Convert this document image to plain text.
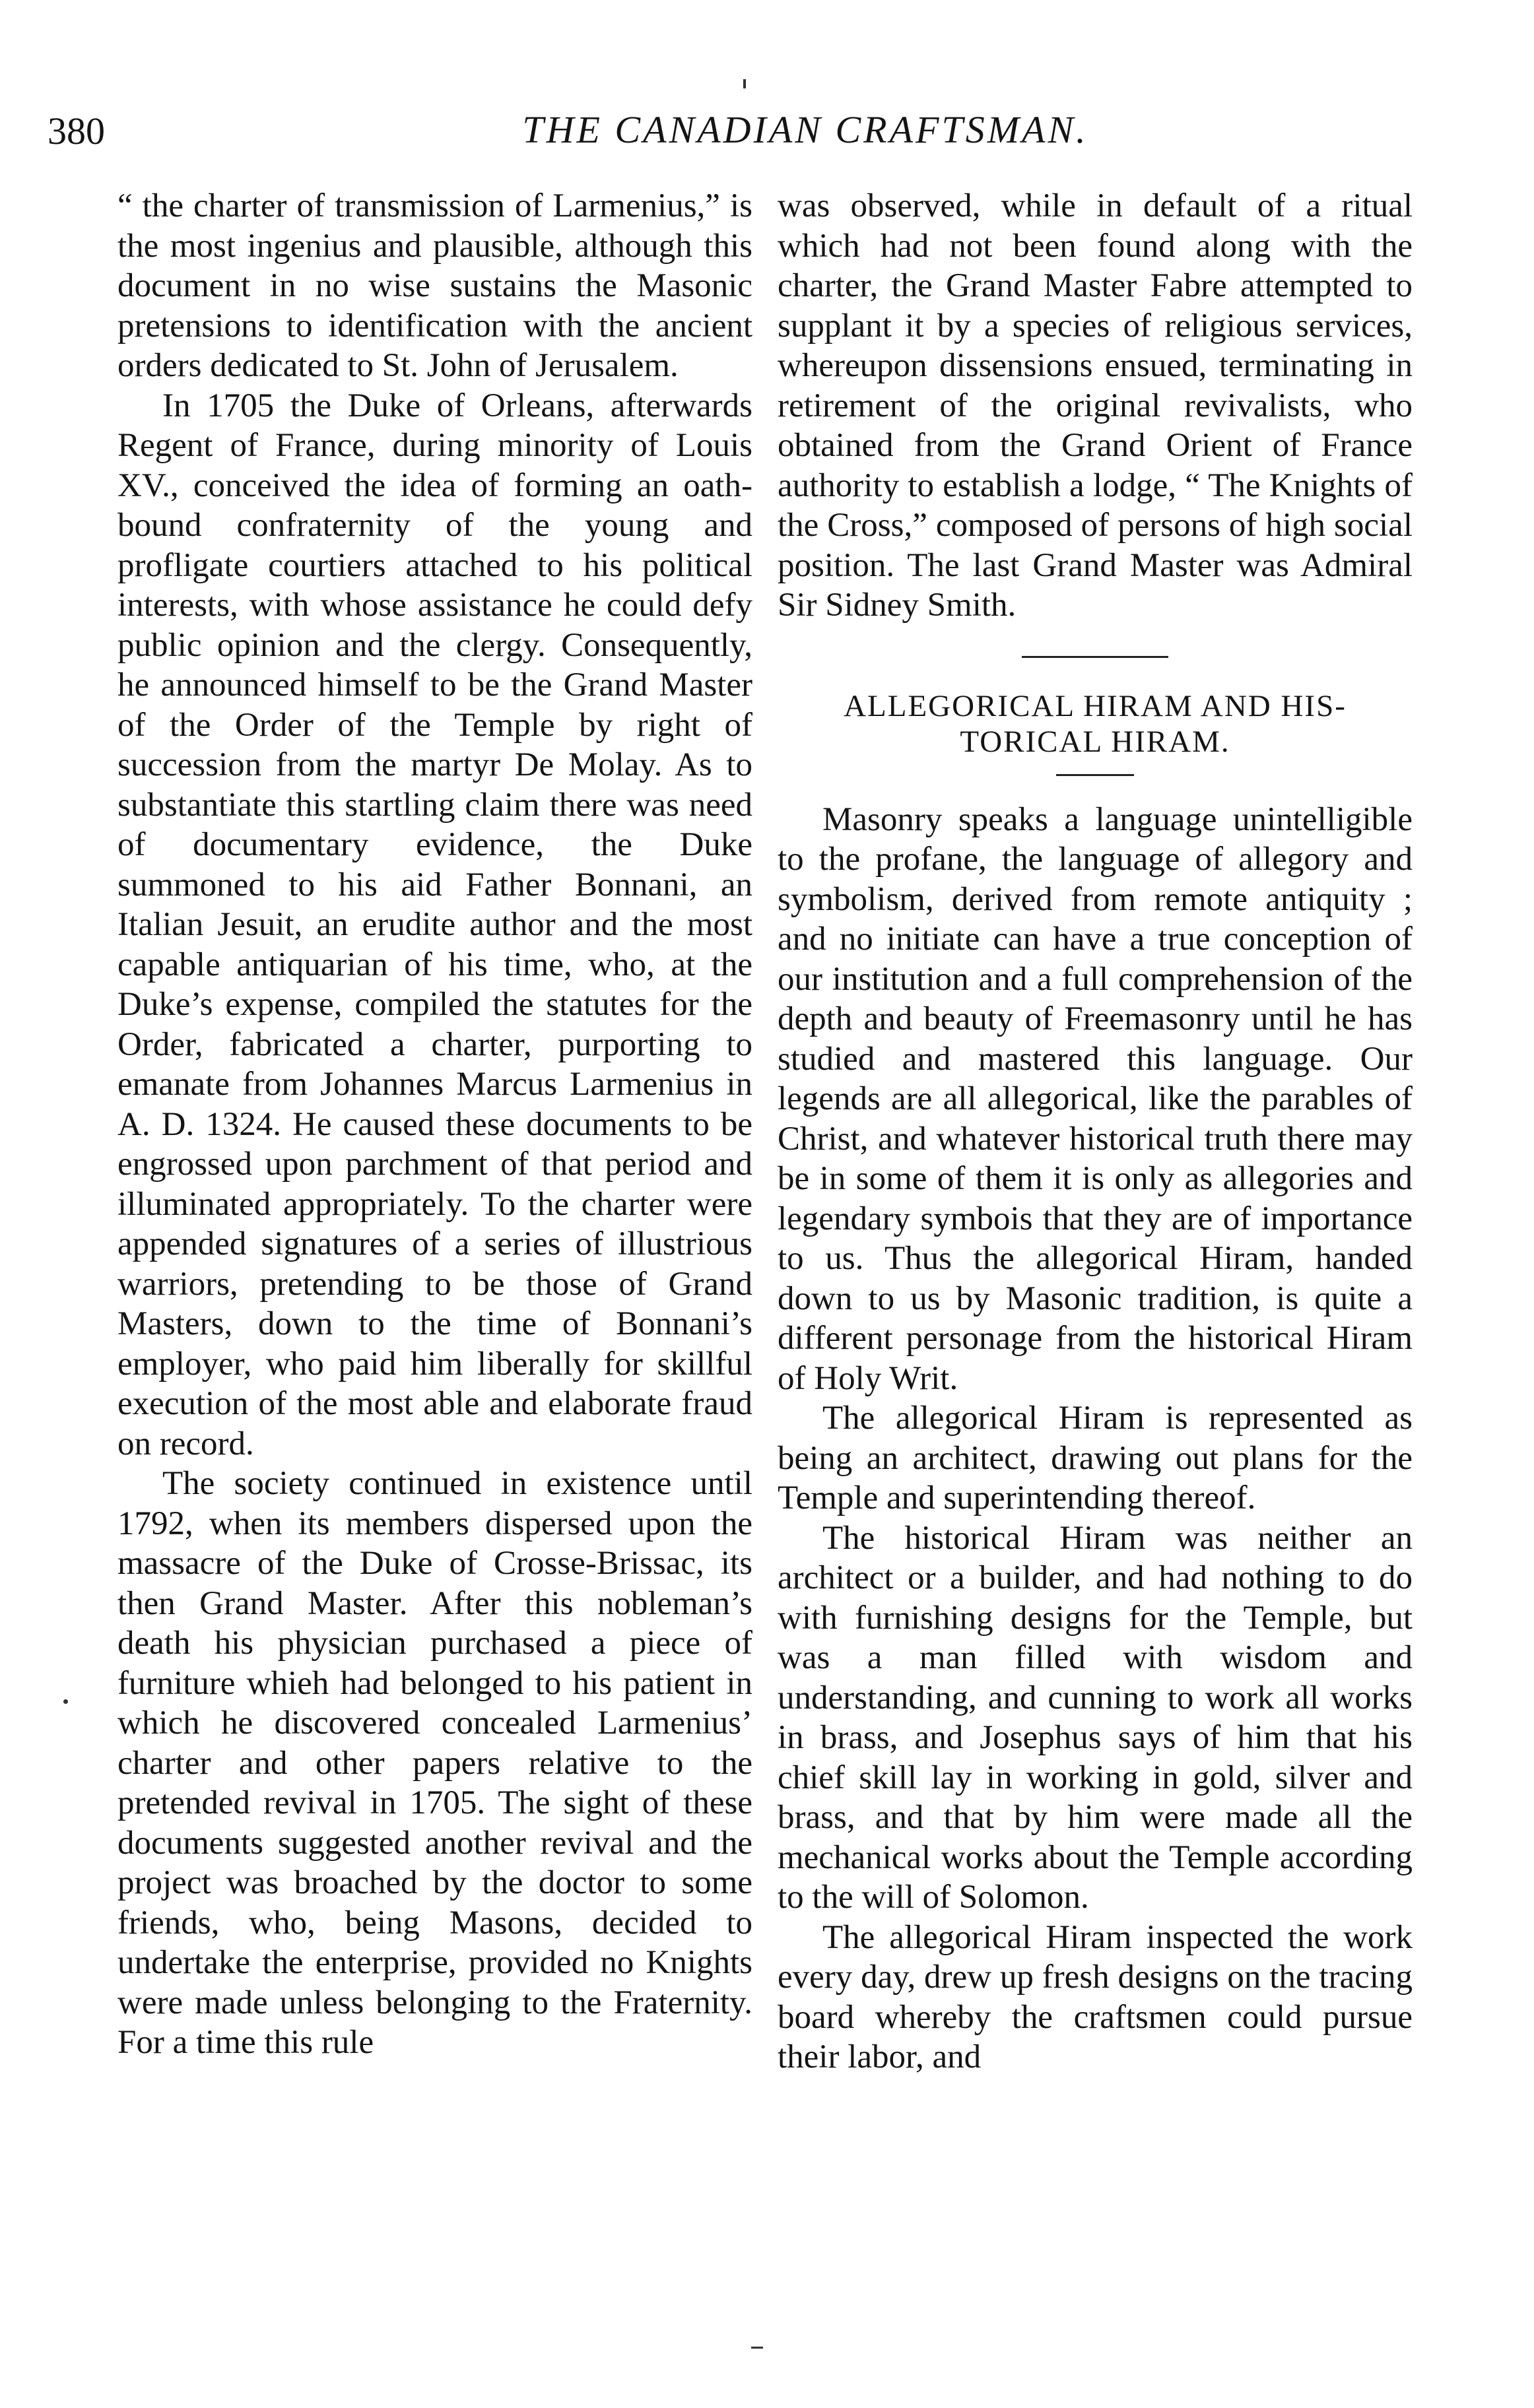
380	THE CANADIAN CRAFTSMAN.

“ the charter of transmission of Larmenius,” is the most ingenius and plausible, although this document in no wise sustains the Masonic pretensions to identification with the ancient orders dedicated to St. John of Jerusalem.

In 1705 the Duke of Orleans, afterwards Regent of France, during minority of Louis XV., conceived the idea of forming an oath-bound confraternity of the young and profligate courtiers attached to his political interests, with whose assistance he could defy public opinion and the clergy. Consequently, he announced himself to be the Grand Master of the Order of the Temple by right of succession from the martyr De Molay. As to substantiate this startling claim there was need of documentary evidence, the Duke summoned to his aid Father Bonnani, an Italian Jesuit, an erudite author and the most capable antiquarian of his time, who, at the Duke’s expense, compiled the statutes for the Order, fabricated a charter, purporting to emanate from Johannes Marcus Larmenius in A. D. 1324. He caused these documents to be engrossed upon parchment of that period and illuminated appropriately. To the charter were appended signatures of a series of illustrious warriors, pretending to be those of Grand Masters, down to the time of Bonnani’s employer, who paid him liberally for skillful execution of the most able and elaborate fraud on record.

The society continued in existence until 1792, when its members dispersed upon the massacre of the Duke of Crosse-Brissac, its then Grand Master. After this nobleman’s death his physician purchased a piece of furniture whieh had belonged to his patient in which he discovered concealed Larmenius’ charter and other papers relative to the pretended revival in 1705. The sight of these documents suggested another revival and the project was broached by the doctor to some friends, who, being Masons, decided to undertake the enterprise, provided no Knights were made unless belonging to the Fraternity. For a time this rule

was observed, while in default of a ritual which had not been found along with the charter, the Grand Master Fabre attempted to supplant it by a species of religious services, whereupon dissensions ensued, terminating in retirement of the original revivalists, who obtained from the Grand Orient of France authority to establish a lodge, “ The Knights of the Cross,” composed of persons of high social position. The last Grand Master was Admiral Sir Sidney Smith.

ALLEGORICAL HIRAM AND HIS-

TORICAL HIRAM.

Masonry speaks a language unintelligible to the profane, the language of allegory and symbolism, derived from remote antiquity ; and no initiate can have a true conception of our institution and a full comprehension of the depth and beauty of Freemasonry until he has studied and mastered this language. Our legends are all allegorical, like the parables of Christ, and whatever historical truth there may be in some of them it is only as allegories and legendary symbois that they are of importance to us. Thus the allegorical Hiram, handed down to us by Masonic tradition, is quite a different personage from the historical Hiram of Holy Writ.

The allegorical Hiram is represented as being an architect, drawing out plans for the Temple and superintending thereof.

The historical Hiram was neither an architect or a builder, and had nothing to do with furnishing designs for the Temple, but was a man filled with wisdom and understanding, and cunning to work all works in brass, and Josephus says of him that his chief skill lay in working in gold, silver and brass, and that by him were made all the mechanical works about the Temple according to the will of Solomon.

The allegorical Hiram inspected the work every day, drew up fresh designs on the tracing board whereby the craftsmen could pursue their labor, and
